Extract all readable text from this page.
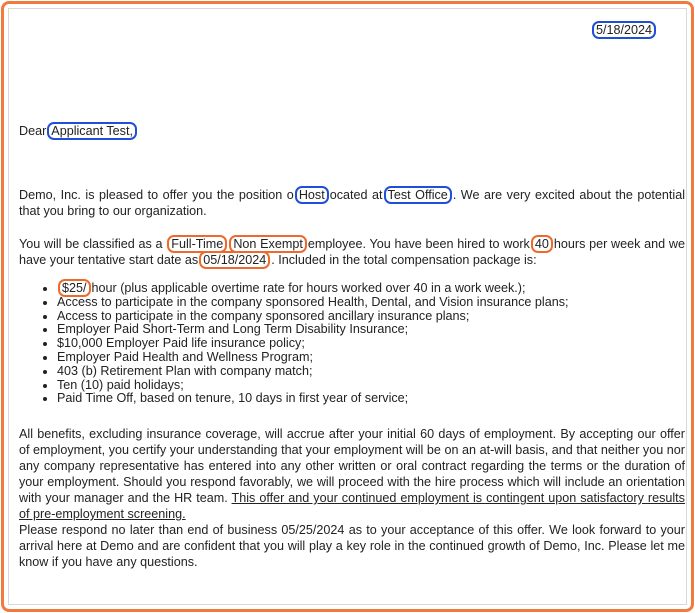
5/18/2024
Dear Applicant Test,
Demo, Inc. is pleased to offer you the position o Host ocated at Test Office . We are very excited about the potential that you bring to our organization.
You will be classified as a Full-Time Non Exempt employee. You have been hired to work 40 hours per week and we have your tentative start date as 05/18/2024 . Included in the total compensation package is:
• $25/ hour (plus applicable overtime rate for hours worked over 40 in a work week.);
• Access to participate in the company sponsored Health, Dental, and Vision insurance plans;
• Access to participate in the company sponsored ancillary insurance plans;
• Employer Paid Short-Term and Long Term Disability Insurance;
• $10,000 Employer Paid life insurance policy;
• Employer Paid Health and Wellness Program;
• 403 (b) Retirement Plan with company match;
• Ten (10) paid holidays;
• Paid Time Off, based on tenure, 10 days in first year of service;
All benefits, excluding insurance coverage, will accrue after your initial 60 days of employment. By accepting our offer of employment, you certify your understanding that your employment will be on an at-will basis, and that neither you nor any company representative has entered into any other written or oral contract regarding the terms or the duration of your employment. Should you respond favorably, we will proceed with the hire process which will include an orientation with your manager and the HR team. This offer and your continued employment is contingent upon satisfactory results of pre-employment screening.
Please respond no later than end of business 05/25/2024 as to your acceptance of this offer. We look forward to your arrival here at Demo and are confident that you will play a key role in the continued growth of Demo, Inc. Please let me know if you have any questions.
